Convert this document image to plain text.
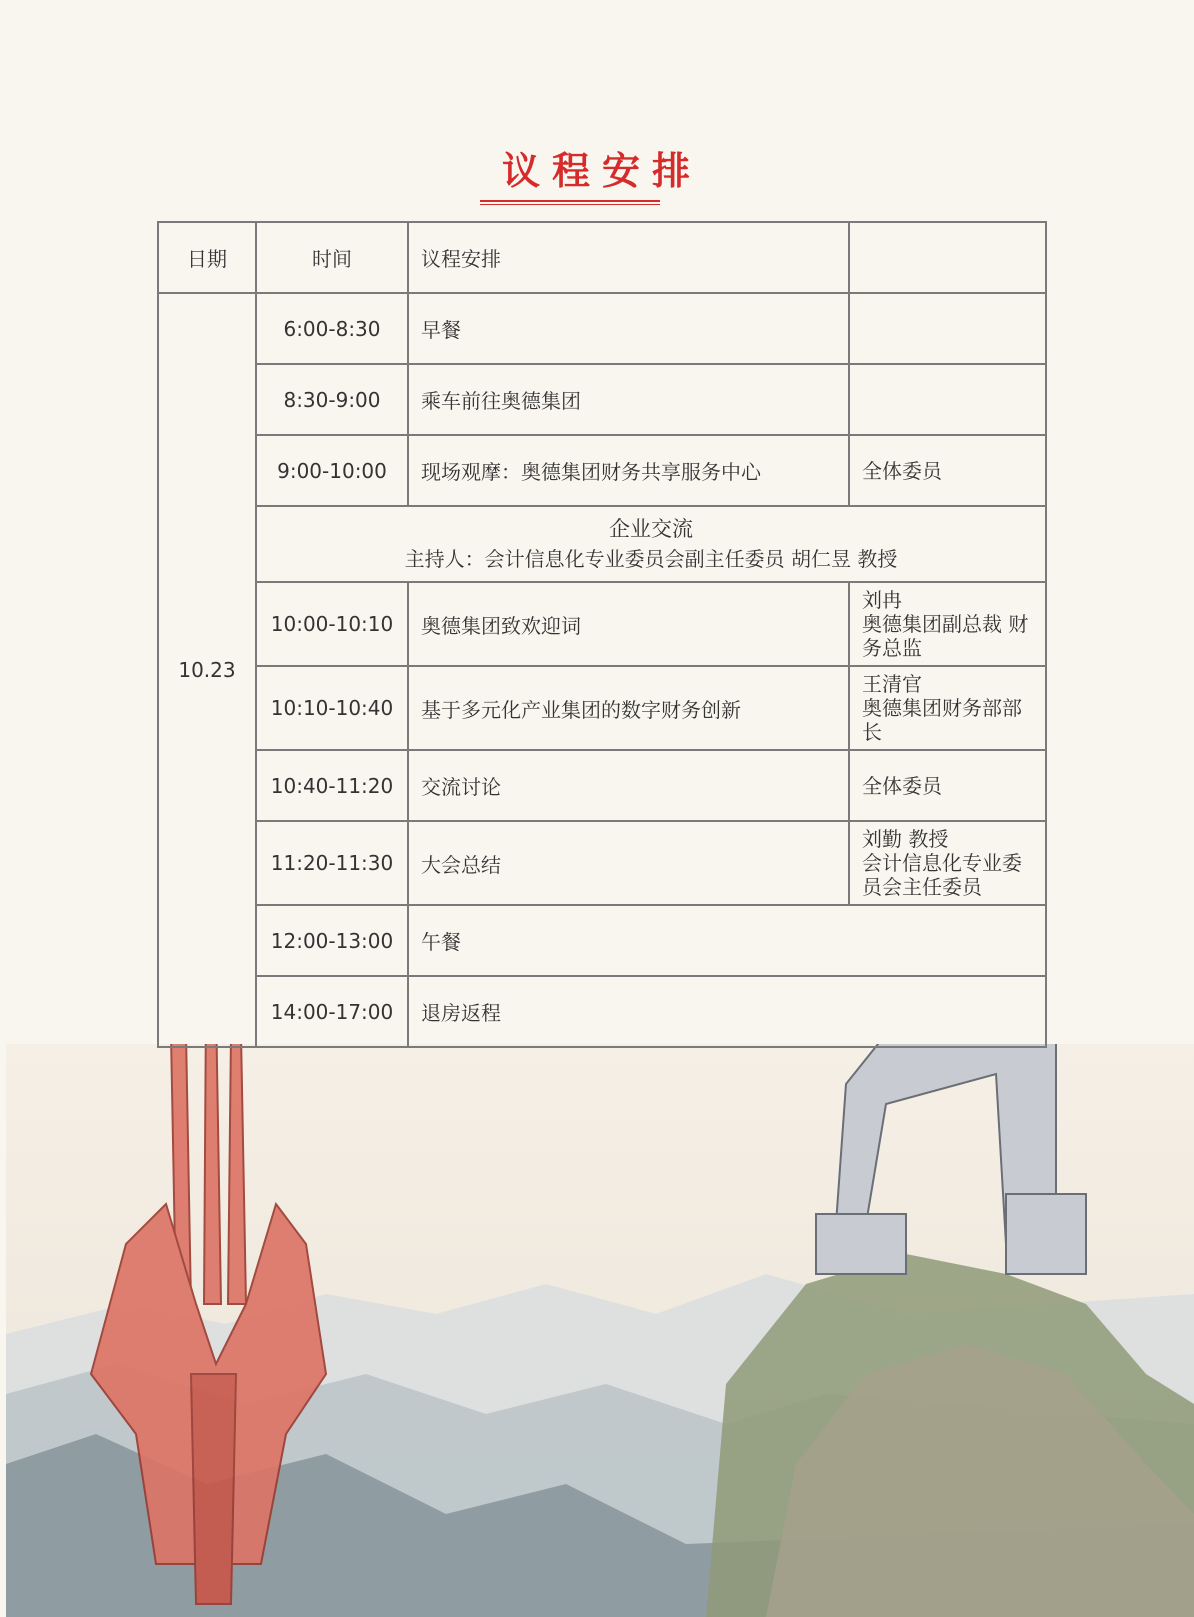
议程安排
日期	时间	议程安排	
10.23	6:00-8:30	早餐	
	8:30-9:00	乘车前往奥德集团	
	9:00-10:00	现场观摩：奥德集团财务共享服务中心	全体委员

	企业交流
主持人：会计信息化专业委员会副主任委员 胡仁昱 教授		

	10:00-10:10	奥德集团致欢迎词	刘冉
奥德集团副总裁 财
务总监

	10:10-10:40	基于多元化产业集团的数字财务创新	王清官
奥德集团财务部部
长

	10:40-11:20	交流讨论	全体委员

	11:20-11:30	大会总结	刘勤 教授
会计信息化专业委
员会主任委员

	12:00-13:00	午餐	
	14:00-17:00	退房返程	
